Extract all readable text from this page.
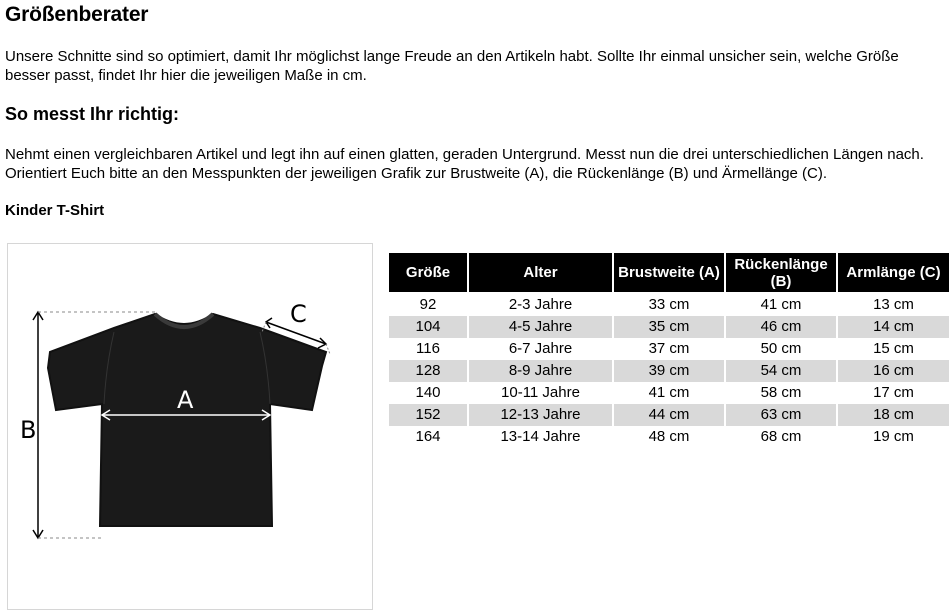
Größenberater

Unsere Schnitte sind so optimiert, damit Ihr möglichst lange Freude an den Artikeln habt. Sollte Ihr einmal unsicher sein, welche Größe besser passt, findet Ihr hier die jeweiligen Maße in cm.

So messt Ihr richtig:

Nehmt einen vergleichbaren Artikel und legt ihn auf einen glatten, geraden Untergrund. Messt nun die drei unterschiedlichen Längen nach. Orientiert Euch bitte an den Messpunkten der jeweiligen Grafik zur Brustweite (A), die Rückenlänge (B) und Ärmellänge (C).

Kinder T-Shirt
A
B
C
Größe	Alter	Brustweite (A)	Rückenlänge (B)	Armlänge (C)
92	2-3 Jahre	33 cm	41 cm	13 cm
104	4-5 Jahre	35 cm	46 cm	14 cm
116	6-7 Jahre	37 cm	50 cm	15 cm
128	8-9 Jahre	39 cm	54 cm	16 cm
140	10-11 Jahre	41 cm	58 cm	17 cm
152	12-13 Jahre	44 cm	63 cm	18 cm
164	13-14 Jahre	48 cm	68 cm	19 cm
